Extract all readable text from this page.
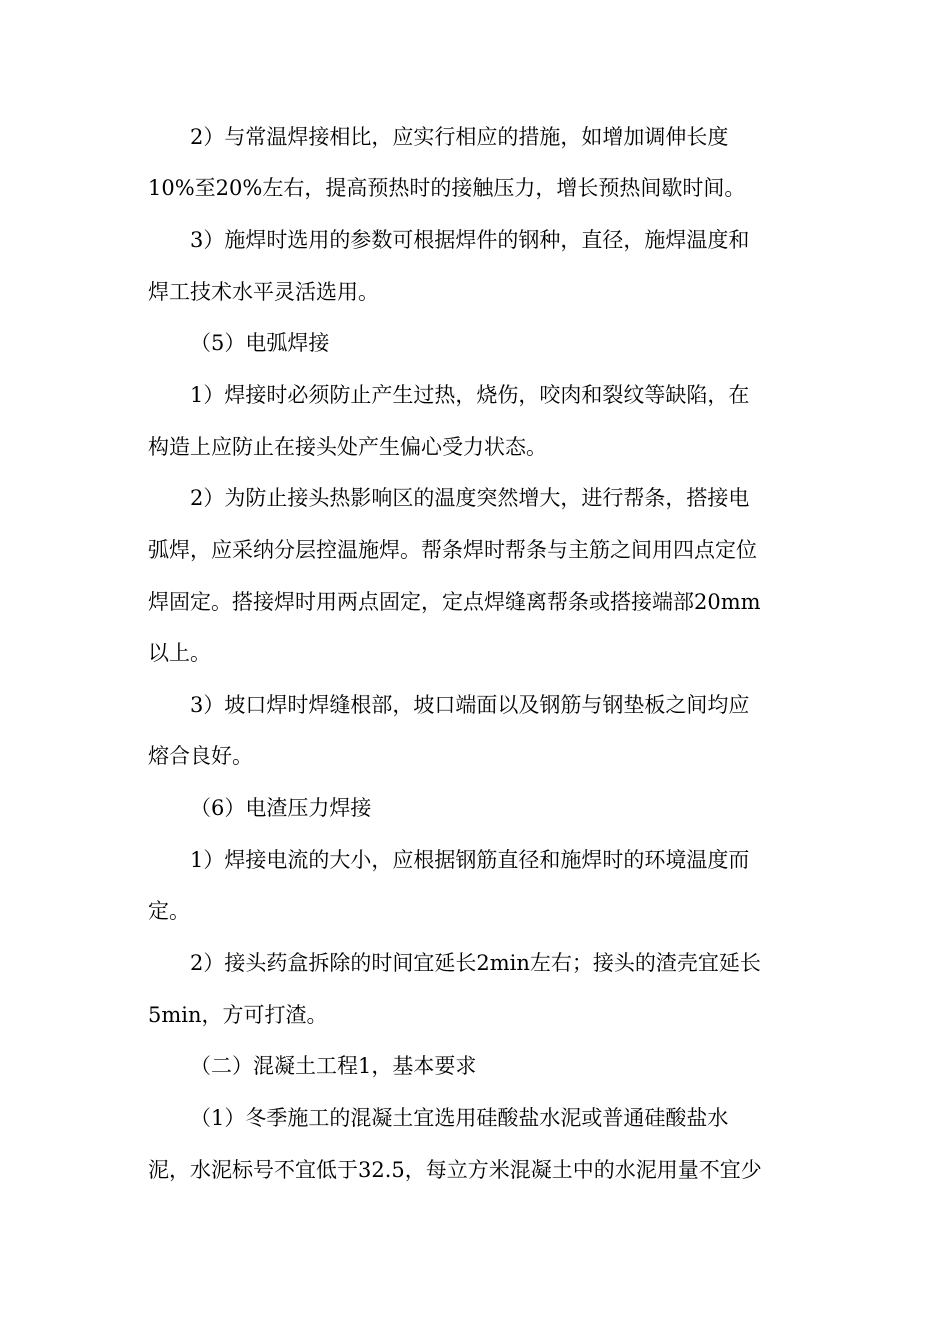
2）与常温焊接相比，应实行相应的措施，如增加调伸长度
10%至20%左右，提高预热时的接触压力，增长预热间歇时间。
3）施焊时选用的参数可根据焊件的钢种，直径，施焊温度和
焊工技术水平灵活选用。
（5）电弧焊接
1）焊接时必须防止产生过热，烧伤，咬肉和裂纹等缺陷，在
构造上应防止在接头处产生偏心受力状态。
2）为防止接头热影响区的温度突然增大，进行帮条，搭接电
弧焊，应采纳分层控温施焊。帮条焊时帮条与主筋之间用四点定位
焊固定。搭接焊时用两点固定，定点焊缝离帮条或搭接端部20mm
以上。
3）坡口焊时焊缝根部，坡口端面以及钢筋与钢垫板之间均应
熔合良好。
（6）电渣压力焊接
1）焊接电流的大小，应根据钢筋直径和施焊时的环境温度而
定。
2）接头药盒拆除的时间宜延长2min左右；接头的渣壳宜延长
5min，方可打渣。
（二）混凝土工程1，基本要求
（1）冬季施工的混凝土宜选用硅酸盐水泥或普通硅酸盐水
泥，水泥标号不宜低于32.5，每立方米混凝土中的水泥用量不宜少
